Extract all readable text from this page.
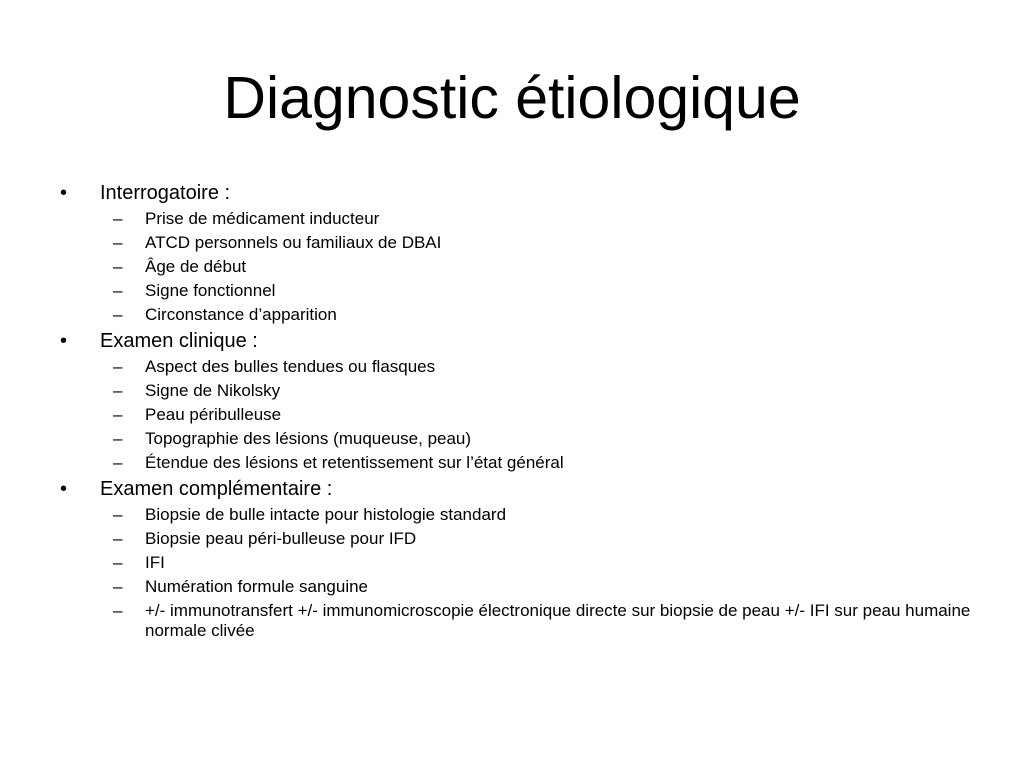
Diagnostic étiologique
•	Interrogatoire :
–	Prise de médicament inducteur
–	ATCD personnels ou familiaux de DBAI
–	Âge de début
–	Signe fonctionnel
–	Circonstance d’apparition
•	Examen clinique :
–	Aspect des bulles tendues ou flasques
–	Signe de Nikolsky
–	Peau péribulleuse
–	Topographie des lésions (muqueuse, peau)
–	Étendue des lésions et retentissement sur l’état général
•	Examen complémentaire :
–	Biopsie de bulle intacte pour histologie standard
–	Biopsie peau péri-bulleuse pour IFD
–	IFI
–	Numération formule sanguine
–	+/- immunotransfert +/- immunomicroscopie électronique directe sur biopsie de peau +/- IFI sur peau humaine normale clivée
